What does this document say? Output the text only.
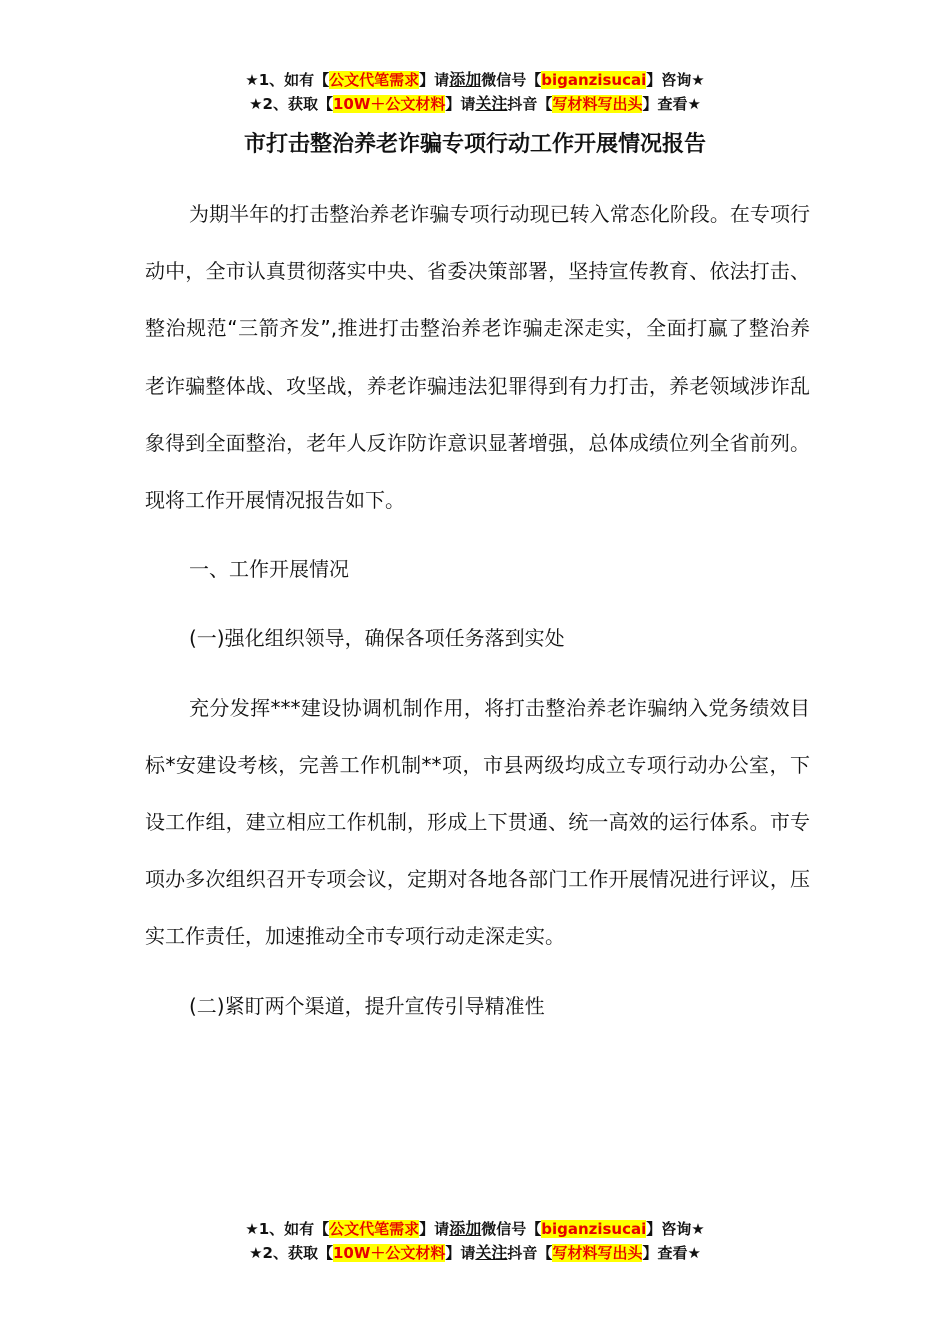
★1、如有【公文代笔需求】请添加微信号【biganzisucai】咨询★
★2、获取【10W＋公文材料】请关注抖音【写材料写出头】查看★
市打击整治养老诈骗专项行动工作开展情况报告

为期半年的打击整治养老诈骗专项行动现已转入常态化阶段。在专项行动中，全市认真贯彻落实中央、省委决策部署，坚持宣传教育、依法打击、整治规范“三箭齐发”,推进打击整治养老诈骗走深走实，全面打赢了整治养老诈骗整体战、攻坚战，养老诈骗违法犯罪得到有力打击，养老领域涉诈乱象得到全面整治，老年人反诈防诈意识显著增强，总体成绩位列全省前列。现将工作开展情况报告如下。

一、工作开展情况

(一)强化组织领导，确保各项任务落到实处

充分发挥***建设协调机制作用，将打击整治养老诈骗纳入党务绩效目标*安建设考核，完善工作机制**项，市县两级均成立专项行动办公室，下设工作组，建立相应工作机制，形成上下贯通、统一高效的运行体系。市专项办多次组织召开专项会议，定期对各地各部门工作开展情况进行评议，压实工作责任，加速推动全市专项行动走深走实。

(二)紧盯两个渠道，提升宣传引导精准性

★1、如有【公文代笔需求】请添加微信号【biganzisucai】咨询★
★2、获取【10W＋公文材料】请关注抖音【写材料写出头】查看★
